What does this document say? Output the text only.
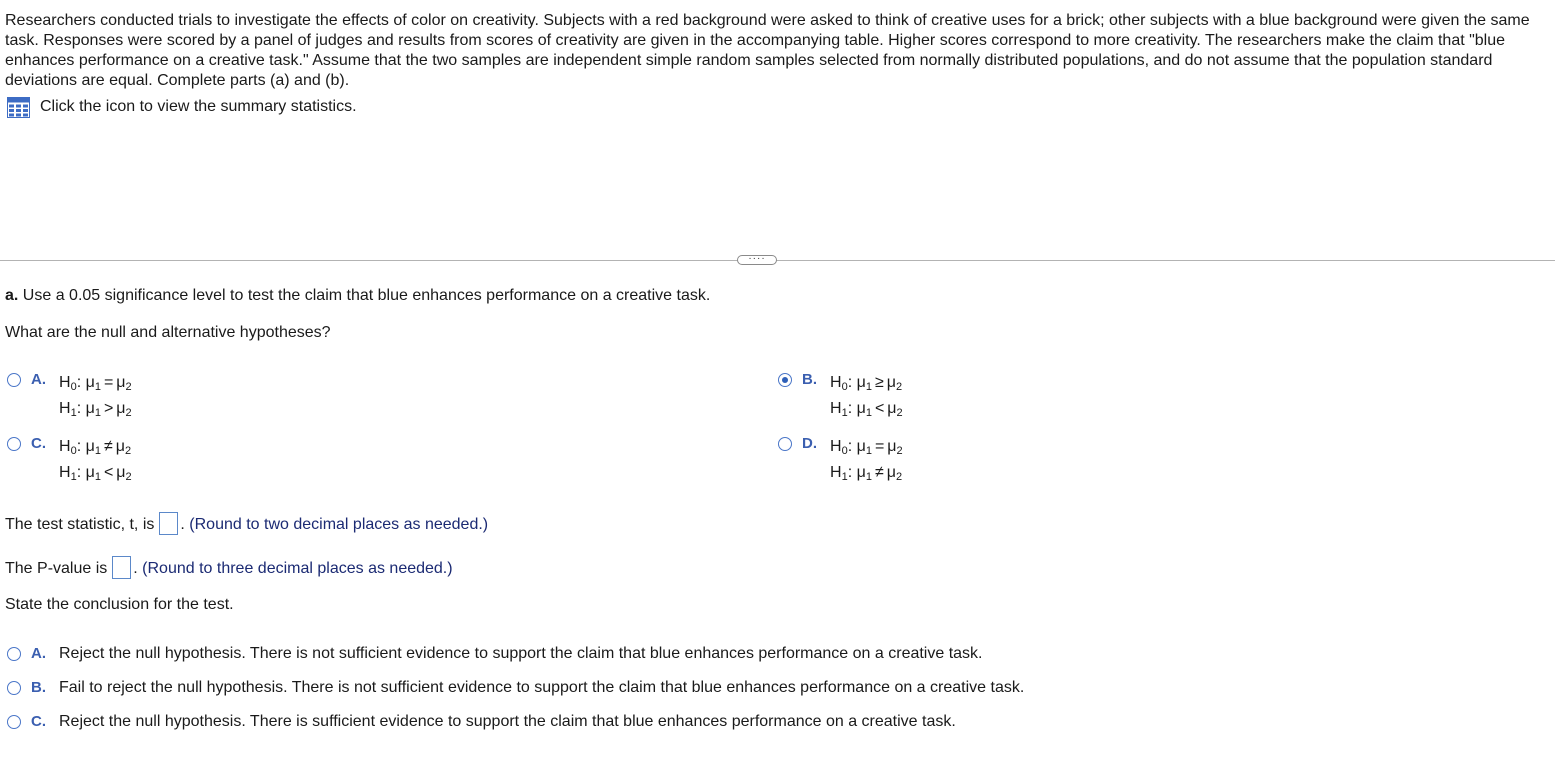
Researchers conducted trials to investigate the effects of color on creativity. Subjects with a red background were asked to think of creative uses for a brick; other subjects with a blue background were given the same task. Responses were scored by a panel of judges and results from scores of creativity are given in the accompanying table. Higher scores correspond to more creativity. The researchers make the claim that "blue enhances performance on a creative task." Assume that the two samples are independent simple random samples selected from normally distributed populations, and do not assume that the population standard deviations are equal. Complete parts (a) and (b).

Click the icon to view the summary statistics.
····

a. Use a 0.05 significance level to test the claim that blue enhances performance on a creative task.

What are the null and alternative hypotheses?

A. $H_0$: $\mu_1 = \mu_2$
$H_1$: $\mu_1 > \mu_2$
B. $H_0$: $\mu_1 \ge \mu_2$
$H_1$: $\mu_1 < \mu_2$
C. $H_0$: $\mu_1 \ne \mu_2$
$H_1$: $\mu_1 < \mu_2$
D. $H_0$: $\mu_1 = \mu_2$
$H_1$: $\mu_1 \ne \mu_2$

The test statistic, t, is . (Round to two decimal places as needed.)

The P-value is . (Round to three decimal places as needed.)

State the conclusion for the test.

A. Reject the null hypothesis. There is not sufficient evidence to support the claim that blue enhances performance on a creative task.
B. Fail to reject the null hypothesis. There is not sufficient evidence to support the claim that blue enhances performance on a creative task.
C. Reject the null hypothesis. There is sufficient evidence to support the claim that blue enhances performance on a creative task.
